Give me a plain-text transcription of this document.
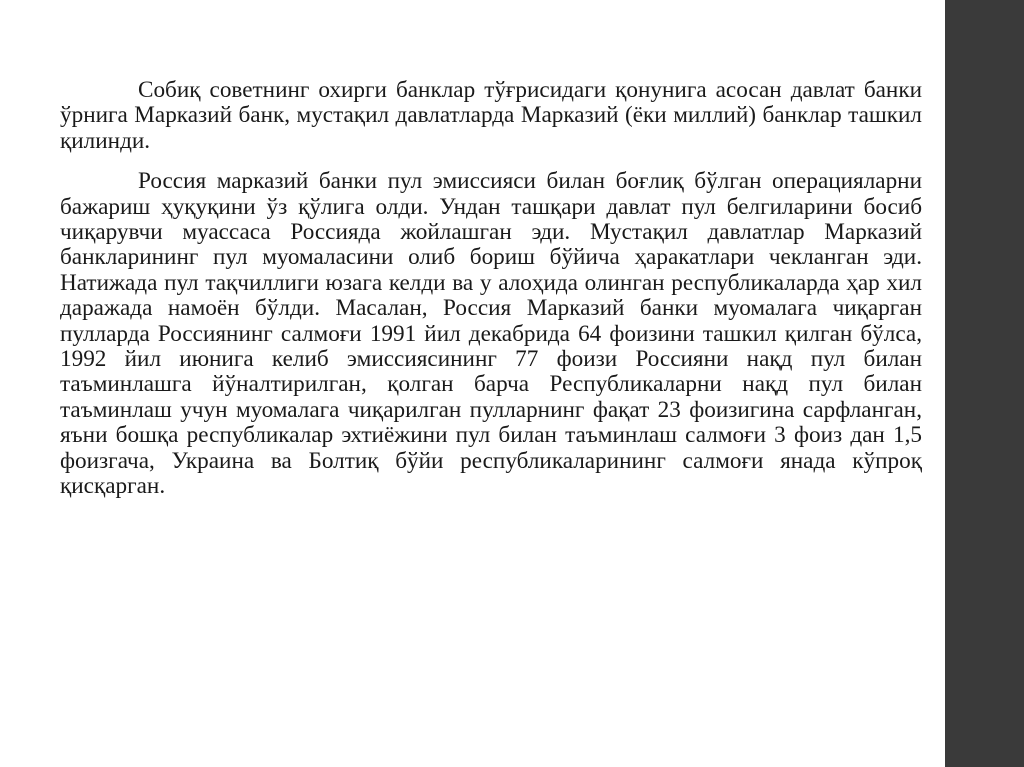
Собиқ советнинг охирги банклар тўғрисидаги қонунига асосан давлат банки ўрнига Марказий банк, мустақил давлатларда Марказий (ёки миллий) банклар ташкил қилинди.

Россия марказий банки пул эмиссияси билан боғлиқ бўлган операцияларни бажариш ҳуқуқини ўз қўлига олди. Ундан ташқари давлат пул белгиларини босиб чиқарувчи муассаса Россияда жойлашган эди. Мустақил давлатлар Марказий банкларининг пул муомаласини олиб бориш бўйича ҳаракатлари чекланган эди. Натижада пул тақчиллиги юзага келди ва у алоҳида олинган республикаларда ҳар хил даражада намоён бўлди. Масалан, Россия Марказий банки муомалага чиқарган пулларда Россиянинг салмоғи 1991 йил декабрида 64 фоизини ташкил қилган бўлса, 1992 йил июнига келиб эмиссиясининг 77 фоизи Россияни нақд пул билан таъминлашга йўналтирилган, қолган барча Республикаларни нақд пул билан таъминлаш учун муомалага чиқарилган пулларнинг фақат 23 фоизигина сарфланган, яъни бошқа республикалар эхтиёжини пул билан таъминлаш салмоғи 3 фоиз дан 1,5 фоизгача, Украина ва Болтиқ бўйи республикаларининг салмоғи янада кўпроқ қисқарган.
